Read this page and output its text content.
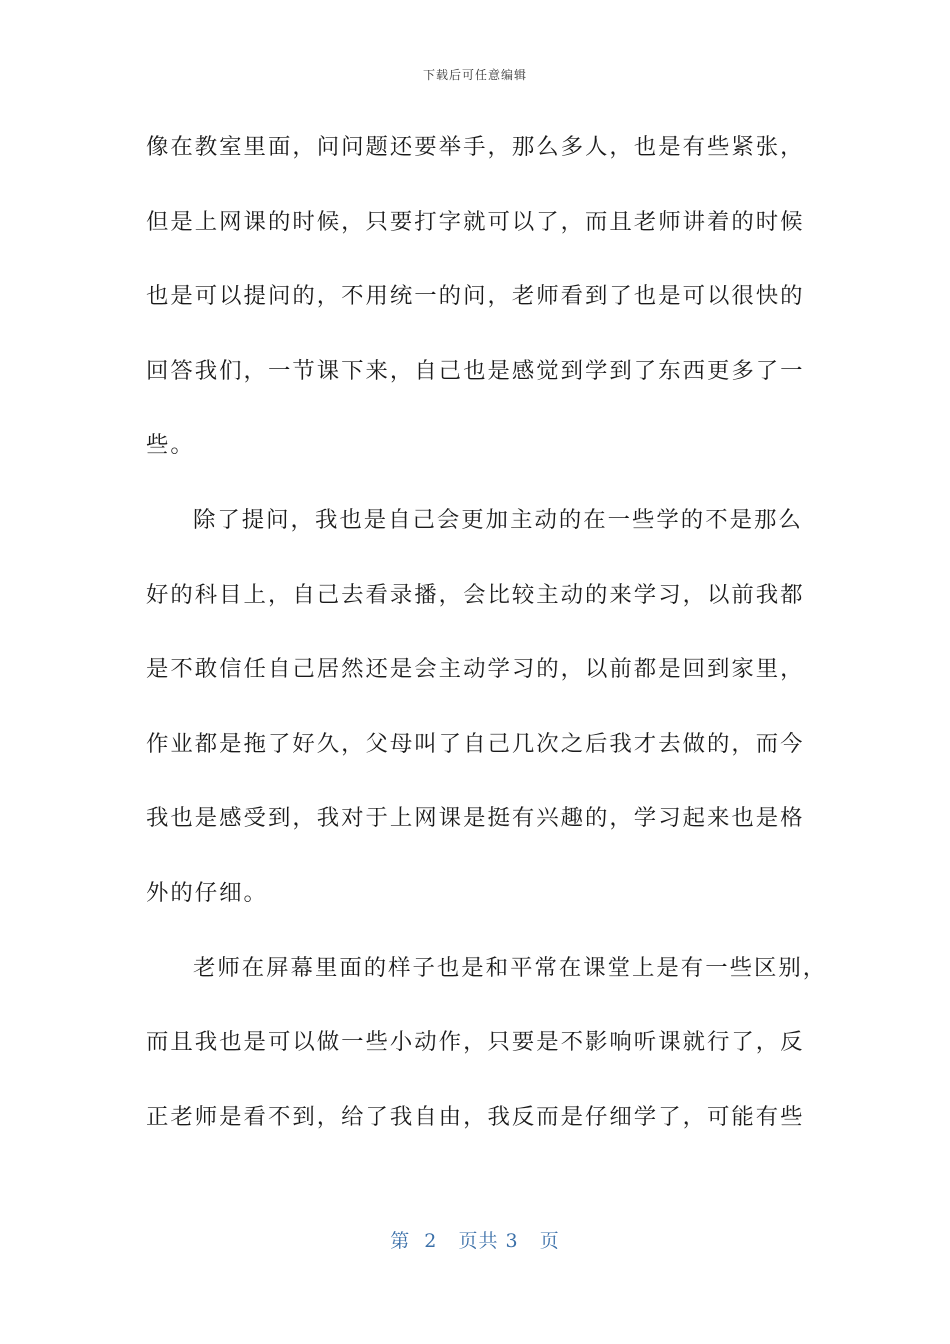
下载后可任意编辑
像在教室里面，问问题还要举手，那么多人，也是有些紧张，
但是上网课的时候，只要打字就可以了，而且老师讲着的时候
也是可以提问的，不用统一的问，老师看到了也是可以很快的
回答我们，一节课下来，自己也是感觉到学到了东西更多了一
些。
除了提问，我也是自己会更加主动的在一些学的不是那么
好的科目上，自己去看录播，会比较主动的来学习，以前我都
是不敢信任自己居然还是会主动学习的，以前都是回到家里，
作业都是拖了好久，父母叫了自己几次之后我才去做的，而今
我也是感受到，我对于上网课是挺有兴趣的，学习起来也是格
外的仔细。
老师在屏幕里面的样子也是和平常在课堂上是有一些区别，
而且我也是可以做一些小动作，只要是不影响听课就行了，反
正老师是看不到，给了我自由，我反而是仔细学了，可能有些
第  2   页共 3   页
